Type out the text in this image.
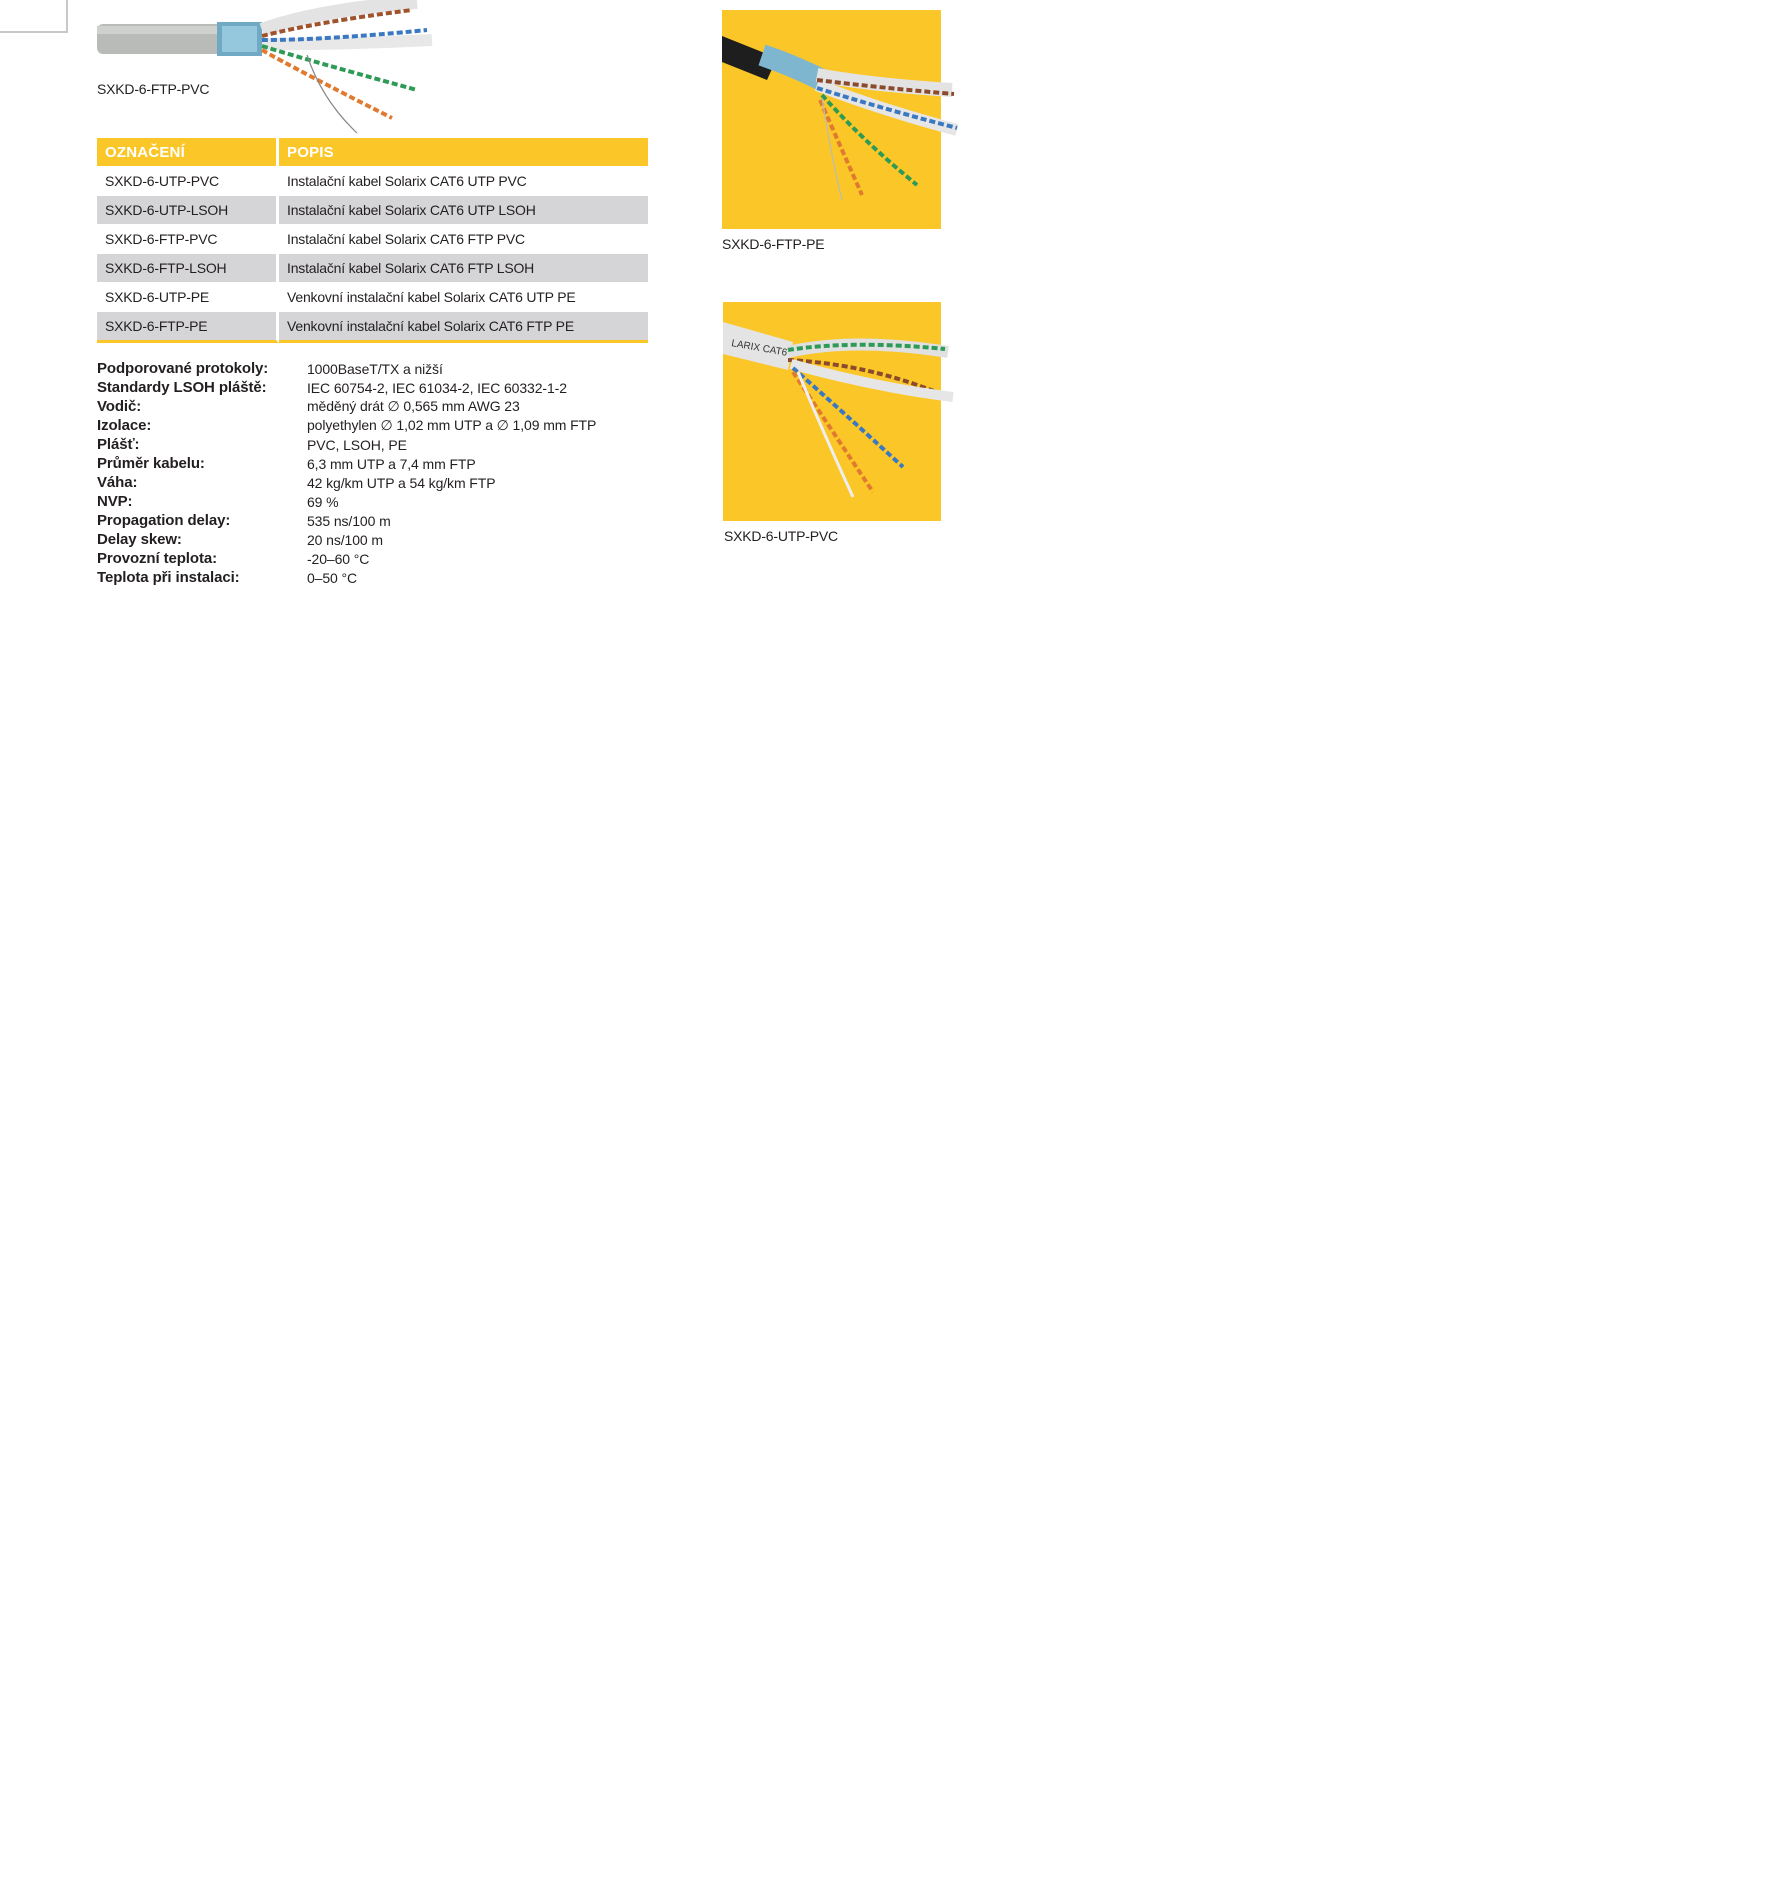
SXKD-6-FTP-PVC
SXKD-6-FTP-PE
LARIX CAT6
SXKD-6-UTP-PVC
OZNAČENÍ	POPIS
SXKD-6-UTP-PVC	Instalační kabel Solarix CAT6 UTP PVC
SXKD-6-UTP-LSOH	Instalační kabel Solarix CAT6 UTP LSOH
SXKD-6-FTP-PVC	Instalační kabel Solarix CAT6 FTP PVC
SXKD-6-FTP-LSOH	Instalační kabel Solarix CAT6 FTP LSOH
SXKD-6-UTP-PE	Venkovní instalační kabel Solarix CAT6 UTP PE
SXKD-6-FTP-PE	Venkovní instalační kabel Solarix CAT6 FTP PE
Podporované protokoly:	1000BaseT/TX a nižší
Standardy LSOH pláště:	IEC 60754-2, IEC 61034-2, IEC 60332-1-2
Vodič:	měděný drát ∅ 0,565 mm AWG 23
Izolace:	polyethylen ∅ 1,02 mm UTP a ∅ 1,09 mm FTP
Plášť:	PVC, LSOH, PE
Průměr kabelu:	6,3 mm UTP a 7,4 mm FTP
Váha:	42 kg/km UTP a 54 kg/km FTP
NVP:	69 %
Propagation delay:	535 ns/100 m
Delay skew:	20 ns/100 m
Provozní teplota:	-20–60 °C
Teplota při instalaci:	0–50 °C
